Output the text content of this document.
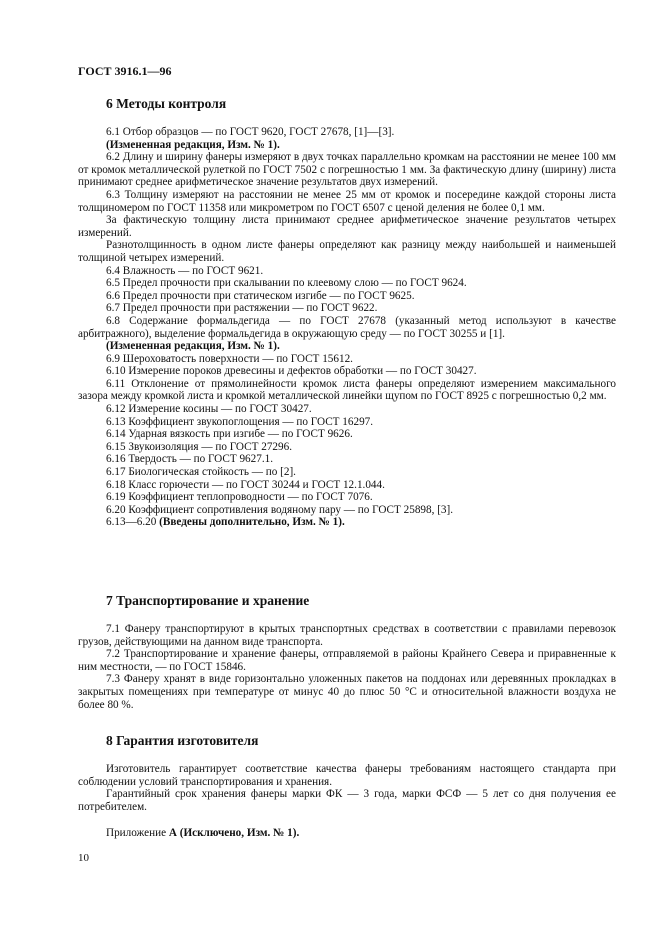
ГОСТ 3916.1—96
6 Методы контроля

6.1 Отбор образцов — по ГОСТ 9620, ГОСТ 27678, [1]—[3].

(Измененная редакция, Изм. № 1).

6.2 Длину и ширину фанеры измеряют в двух точках параллельно кромкам на расстоянии не менее 100 мм от кромок металлической рулеткой по ГОСТ 7502 с погрешностью 1 мм. За фактическую длину (ширину) листа принимают среднее арифметическое значение результатов двух измерений.

6.3 Толщину измеряют на расстоянии не менее 25 мм от кромок и посередине каждой стороны листа толщиномером по ГОСТ 11358 или микрометром по ГОСТ 6507 с ценой деления не более 0,1 мм.

За фактическую толщину листа принимают среднее арифметическое значение результатов четырех измерений.

Разнотолщинность в одном листе фанеры определяют как разницу между наибольшей и наименьшей толщиной четырех измерений.

6.4 Влажность — по ГОСТ 9621.

6.5 Предел прочности при скалывании по клеевому слою — по ГОСТ 9624.

6.6 Предел прочности при статическом изгибе — по ГОСТ 9625.

6.7 Предел прочности при растяжении — по ГОСТ 9622.

6.8 Содержание формальдегида — по ГОСТ 27678 (указанный метод используют в качестве арбитражного), выделение формальдегида в окружающую среду — по ГОСТ 30255 и [1].

(Измененная редакция, Изм. № 1).

6.9 Шероховатость поверхности — по ГОСТ 15612.

6.10 Измерение пороков древесины и дефектов обработки — по ГОСТ 30427.

6.11 Отклонение от прямолинейности кромок листа фанеры определяют измерением максимального зазора между кромкой листа и кромкой металлической линейки щупом по ГОСТ 8925 с погрешностью 0,2 мм.

6.12 Измерение косины — по ГОСТ 30427.

6.13 Коэффициент звукопоглощения — по ГОСТ 16297.

6.14 Ударная вязкость при изгибе — по ГОСТ 9626.

6.15 Звукоизоляция — по ГОСТ 27296.

6.16 Твердость — по ГОСТ 9627.1.

6.17 Биологическая стойкость — по [2].

6.18 Класс горючести — по ГОСТ 30244 и ГОСТ 12.1.044.

6.19 Коэффициент теплопроводности — по ГОСТ 7076.

6.20 Коэффициент сопротивления водяному пару — по ГОСТ 25898, [3].

6.13—6.20 (Введены дополнительно, Изм. № 1).

7 Транспортирование и хранение

7.1 Фанеру транспортируют в крытых транспортных средствах в соответствии с правилами перевозок грузов, действующими на данном виде транспорта.

7.2 Транспортирование и хранение фанеры, отправляемой в районы Крайнего Севера и приравненные к ним местности, — по ГОСТ 15846.

7.3 Фанеру хранят в виде горизонтально уложенных пакетов на поддонах или деревянных прокладках в закрытых помещениях при температуре от минус 40 до плюс 50 °С и относительной влажности воздуха не более 80 %.

8 Гарантия изготовителя

Изготовитель гарантирует соответствие качества фанеры требованиям настоящего стандарта при соблюдении условий транспортирования и хранения.

Гарантийный срок хранения фанеры марки ФК — 3 года, марки ФСФ — 5 лет со дня получения ее потребителем.

Приложение А (Исключено, Изм. № 1).

10
